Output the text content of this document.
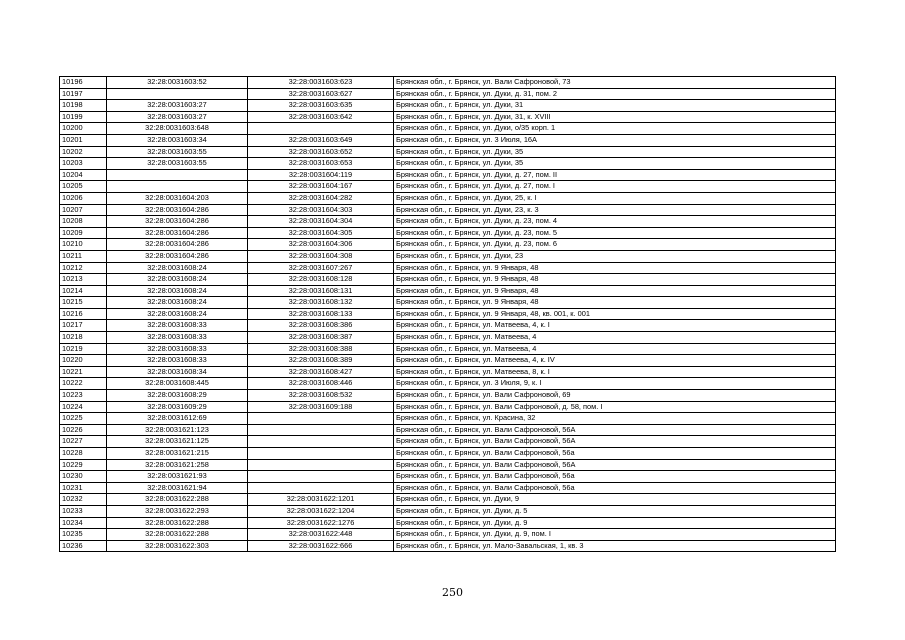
10196	32:28:0031603:52	32:28:0031603:623	Брянская обл., г. Брянск, ул. Вали Сафроновой, 73
10197		32:28:0031603:627	Брянская обл., г. Брянск, ул. Дуки, д. 31, пом. 2
10198	32:28:0031603:27	32:28:0031603:635	Брянская обл., г. Брянск, ул. Дуки, 31
10199	32:28:0031603:27	32:28:0031603:642	Брянская обл., г. Брянск, ул. Дуки, 31, к. XVIII
10200	32:28:0031603:648		Брянская обл., г. Брянск, ул. Дуки, о/35 корп. 1
10201	32:28:0031603:34	32:28:0031603:649	Брянская обл., г. Брянск, ул. 3 Июля, 16А
10202	32:28:0031603:55	32:28:0031603:652	Брянская обл., г. Брянск, ул. Дуки, 35
10203	32:28:0031603:55	32:28:0031603:653	Брянская обл., г. Брянск, ул. Дуки, 35
10204		32:28:0031604:119	Брянская обл., г. Брянск, ул. Дуки, д. 27, пом. II
10205		32:28:0031604:167	Брянская обл., г. Брянск, ул. Дуки, д. 27, пом. I
10206	32:28:0031604:203	32:28:0031604:282	Брянская обл., г. Брянск, ул. Дуки, 25, к. I
10207	32:28:0031604:286	32:28:0031604:303	Брянская обл., г. Брянск, ул. Дуки, 23, к. 3
10208	32:28:0031604:286	32:28:0031604:304	Брянская обл., г. Брянск, ул. Дуки, д. 23, пом. 4
10209	32:28:0031604:286	32:28:0031604:305	Брянская обл., г. Брянск, ул. Дуки, д. 23, пом. 5
10210	32:28:0031604:286	32:28:0031604:306	Брянская обл., г. Брянск, ул. Дуки, д. 23, пом. 6
10211	32:28:0031604:286	32:28:0031604:308	Брянская обл., г. Брянск, ул. Дуки, 23
10212	32:28:0031608:24	32:28:0031607:267	Брянская обл., г. Брянск, ул. 9 Января, 48
10213	32:28:0031608:24	32:28:0031608:128	Брянская обл., г. Брянск, ул. 9 Января, 48
10214	32:28:0031608:24	32:28:0031608:131	Брянская обл., г. Брянск, ул. 9 Января, 48
10215	32:28:0031608:24	32:28:0031608:132	Брянская обл., г. Брянск, ул. 9 Января, 48
10216	32:28:0031608:24	32:28:0031608:133	Брянская обл., г. Брянск, ул. 9 Января, 48, кв. 001, к. 001
10217	32:28:0031608:33	32:28:0031608:386	Брянская обл., г. Брянск, ул. Матвеева, 4, к. I
10218	32:28:0031608:33	32:28:0031608:387	Брянская обл., г. Брянск, ул. Матвеева, 4
10219	32:28:0031608:33	32:28:0031608:388	Брянская обл., г. Брянск, ул. Матвеева, 4
10220	32:28:0031608:33	32:28:0031608:389	Брянская обл., г. Брянск, ул. Матвеева, 4, к. IV
10221	32:28:0031608:34	32:28:0031608:427	Брянская обл., г. Брянск, ул. Матвеева, 8, к. I
10222	32:28:0031608:445	32:28:0031608:446	Брянская обл., г. Брянск, ул. 3 Июля, 9, к. I
10223	32:28:0031608:29	32:28:0031608:532	Брянская обл., г. Брянск, ул. Вали Сафроновой, 69
10224	32:28:0031609:29	32:28:0031609:188	Брянская обл., г. Брянск, ул. Вали Сафроновой, д. 58, пом. I
10225	32:28:0031612:69		Брянская обл., г. Брянск, ул. Красина, 32
10226	32:28:0031621:123		Брянская обл., г. Брянск, ул. Вали Сафроновой, 56А
10227	32:28:0031621:125		Брянская обл., г. Брянск, ул. Вали Сафроновой, 56А
10228	32:28:0031621:215		Брянская обл., г. Брянск, ул. Вали Сафроновой, 56а
10229	32:28:0031621:258		Брянская обл., г. Брянск, ул. Вали Сафроновой, 56А
10230	32:28:0031621:93		Брянская обл., г. Брянск, ул. Вали Сафроновой, 56а
10231	32:28:0031621:94		Брянская обл., г. Брянск, ул. Вали Сафроновой, 56а
10232	32:28:0031622:288	32:28:0031622:1201	Брянская обл., г. Брянск, ул. Дуки, 9
10233	32:28:0031622:293	32:28:0031622:1204	Брянская обл., г. Брянск, ул. Дуки, д. 5
10234	32:28:0031622:288	32:28:0031622:1276	Брянская обл., г. Брянск, ул. Дуки, д. 9
10235	32:28:0031622:288	32:28:0031622:448	Брянская обл., г. Брянск, ул. Дуки, д. 9, пом. I
10236	32:28:0031622:303	32:28:0031622:666	Брянская обл., г. Брянск, ул. Мало-Завальская, 1, кв. 3
250
